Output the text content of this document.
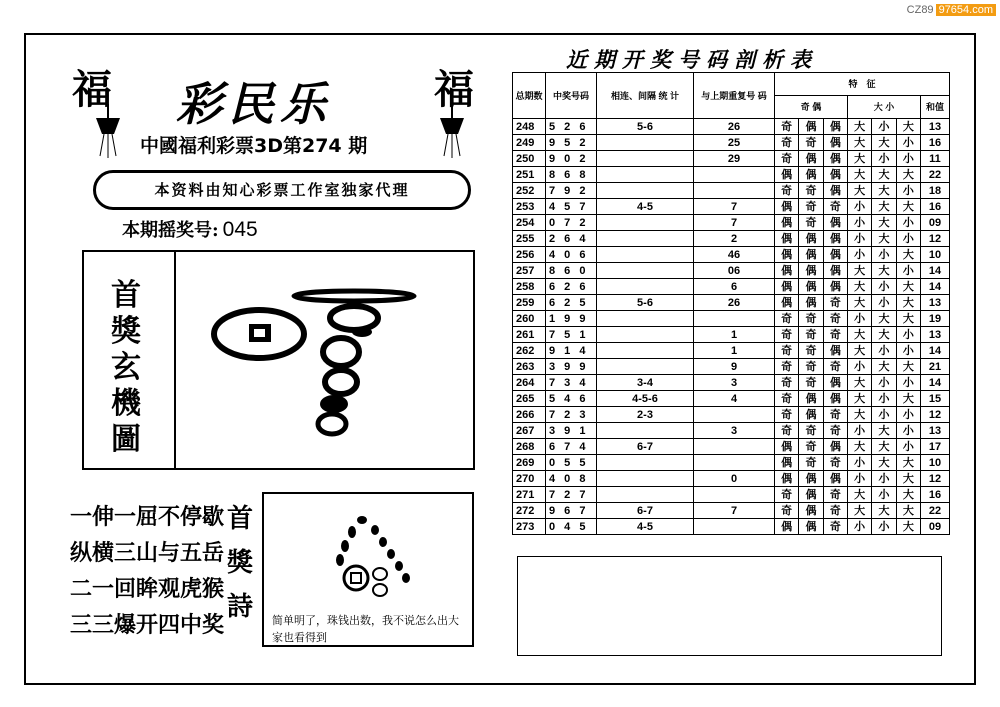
CZ89 97654.com
福	福
彩民乐
中國福利彩票3D第274 期
本资料由知心彩票工作室独家代理
本期摇奖号: 045
首
獎
玄
機
圖
一伸一屈不停歇
纵横三山与五岳
二一回眸观虎猴
三三爆开四中奖
首
獎
詩	简单明了，珠钱出数，我不说怎么出大家也看得到
近期开奖号码剖析表
总期数	中奖号码	相连、间隔 统 计	与上期重复号 码	特　征						
				奇 偶			大 小			和值
248	5 2 6	5-6	26	奇	偶	偶	大	小	大	13
249	9 5 2		25	奇	奇	偶	大	大	小	16
250	9 0 2		29	奇	偶	偶	大	小	小	11
251	8 6 8			偶	偶	偶	大	大	大	22
252	7 9 2			奇	奇	偶	大	大	小	18
253	4 5 7	4-5	7	偶	奇	奇	小	大	大	16
254	0 7 2		7	偶	奇	偶	小	大	小	09
255	2 6 4		2	偶	偶	偶	小	大	小	12
256	4 0 6		46	偶	偶	偶	小	小	大	10
257	8 6 0		06	偶	偶	偶	大	大	小	14
258	6 2 6		6	偶	偶	偶	大	小	大	14
259	6 2 5	5-6	26	偶	偶	奇	大	小	大	13
260	1 9 9			奇	奇	奇	小	大	大	19
261	7 5 1		1	奇	奇	奇	大	大	小	13
262	9 1 4		1	奇	奇	偶	大	小	小	14
263	3 9 9		9	奇	奇	奇	小	大	大	21
264	7 3 4	3-4	3	奇	奇	偶	大	小	小	14
265	5 4 6	4-5-6	4	奇	偶	偶	大	小	大	15
266	7 2 3	2-3		奇	偶	奇	大	小	小	12
267	3 9 1		3	奇	奇	奇	小	大	小	13
268	6 7 4	6-7		偶	奇	偶	大	大	小	17
269	0 5 5			偶	奇	奇	小	大	大	10
270	4 0 8		0	偶	偶	偶	小	小	大	12
271	7 2 7			奇	偶	奇	大	小	大	16
272	9 6 7	6-7	7	奇	偶	奇	大	大	大	22
273	0 4 5	4-5		偶	偶	奇	小	小	大	09
